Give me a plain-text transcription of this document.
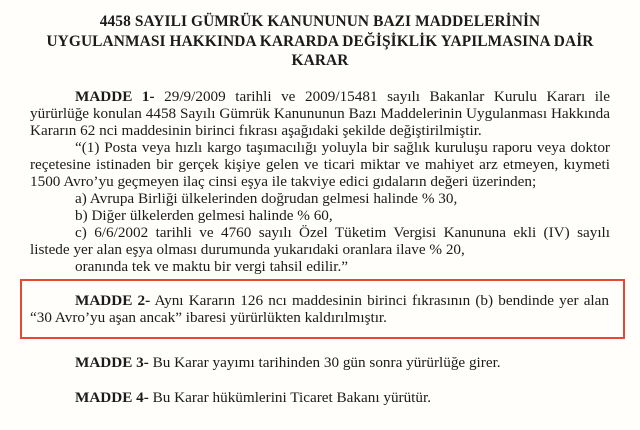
4458 SAYILI GÜMRÜK KANUNUNUN BAZI MADDELERİNİN
UYGULANMASI HAKKINDA KARARDA DEĞİŞİKLİK YAPILMASINA DAİR
KARAR

MADDE 1- 29/9/2009 tarihli ve 2009/15481 sayılı Bakanlar Kurulu Kararı ile yürürlüğe konulan 4458 Sayılı Gümrük Kanununun Bazı Maddelerinin Uygulanması Hakkında Kararın 62 nci maddesinin birinci fıkrası aşağıdaki şekilde değiştirilmiştir.

“(1) Posta veya hızlı kargo taşımacılığı yoluyla bir sağlık kuruluşu raporu veya doktor reçetesine istinaden bir gerçek kişiye gelen ve ticari miktar ve mahiyet arz etmeyen, kıymeti 1500 Avro’yu geçmeyen ilaç cinsi eşya ile takviye edici gıdaların değeri üzerinden;

a) Avrupa Birliği ülkelerinden doğrudan gelmesi halinde % 30,
b) Diğer ülkelerden gelmesi halinde % 60,

c) 6/6/2002 tarihli ve 4760 sayılı Özel Tüketim Vergisi Kanununa ekli (IV) sayılı listede yer alan eşya olması durumunda yukarıdaki oranlara ilave % 20,

oranında tek ve maktu bir vergi tahsil edilir.”

MADDE 2- Aynı Kararın 126 ncı maddesinin birinci fıkrasının (b) bendinde yer alan “30 Avro’yu aşan ancak” ibaresi yürürlükten kaldırılmıştır.

MADDE 3- Bu Karar yayımı tarihinden 30 gün sonra yürürlüğe girer.

MADDE 4- Bu Karar hükümlerini Ticaret Bakanı yürütür.
